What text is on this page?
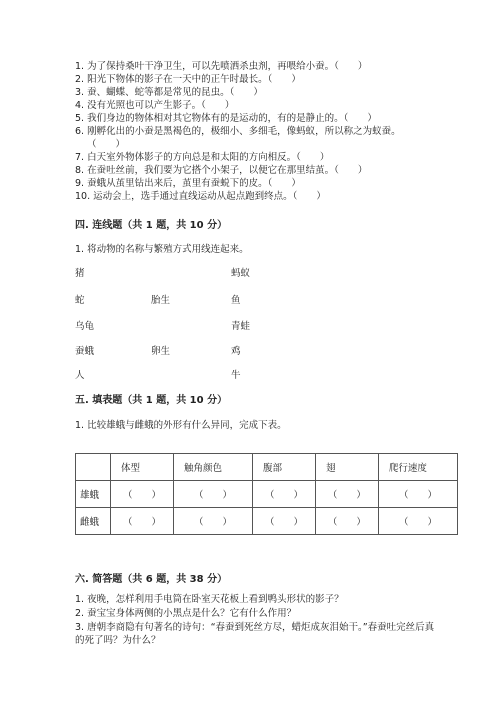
1. 为了保持桑叶干净卫生，可以先喷洒杀虫剂，再喂给小蚕。（　　）
2. 阳光下物体的影子在一天中的正午时最长。（　　）
3. 蚕、蝴蝶、蛇等都是常见的昆虫。（　　）
4. 没有光照也可以产生影子。（　　）
5. 我们身边的物体相对其它物体有的是运动的，有的是静止的。（　　）
6. 刚孵化出的小蚕是黑褐色的，极细小、多细毛，像蚂蚁，所以称之为蚁蚕。
（　　）
7. 白天室外物体影子的方向总是和太阳的方向相反。（　　）
8. 在蚕吐丝前，我们要为它搭个小架子，以便它在那里结茧。（　　）
9. 蚕蛾从茧里钻出来后，茧里有蚕蜕下的皮。（　　）
10. 运动会上，选手通过直线运动从起点跑到终点。（　　）
四. 连线题（共 1 题，共 10 分）
1. 将动物的名称与繁殖方式用线连起来。
猪
蛇
乌龟
蚕蛾
人
胎生
卵生
蚂蚁
鱼
青蛙
鸡
牛
五. 填表题（共 1 题，共 10 分）
1. 比较雄蛾与雌蛾的外形有什么异同，完成下表。
	体型	触角颜色	腹部	翅	爬行速度
雄蛾	（　　）	（　　）	（　　）	（　　）	（　　）
雌蛾	（　　）	（　　）	（　　）	（　　）	（　　）
六. 简答题（共 6 题，共 38 分）
1. 夜晚，怎样利用手电筒在卧室天花板上看到鸭头形状的影子？
2. 蚕宝宝身体两侧的小黑点是什么？它有什么作用？
3. 唐朝李商隐有句著名的诗句：“春蚕到死丝方尽，蜡炬成灰泪始干。”春蚕吐完丝后真的死了吗？为什么？
